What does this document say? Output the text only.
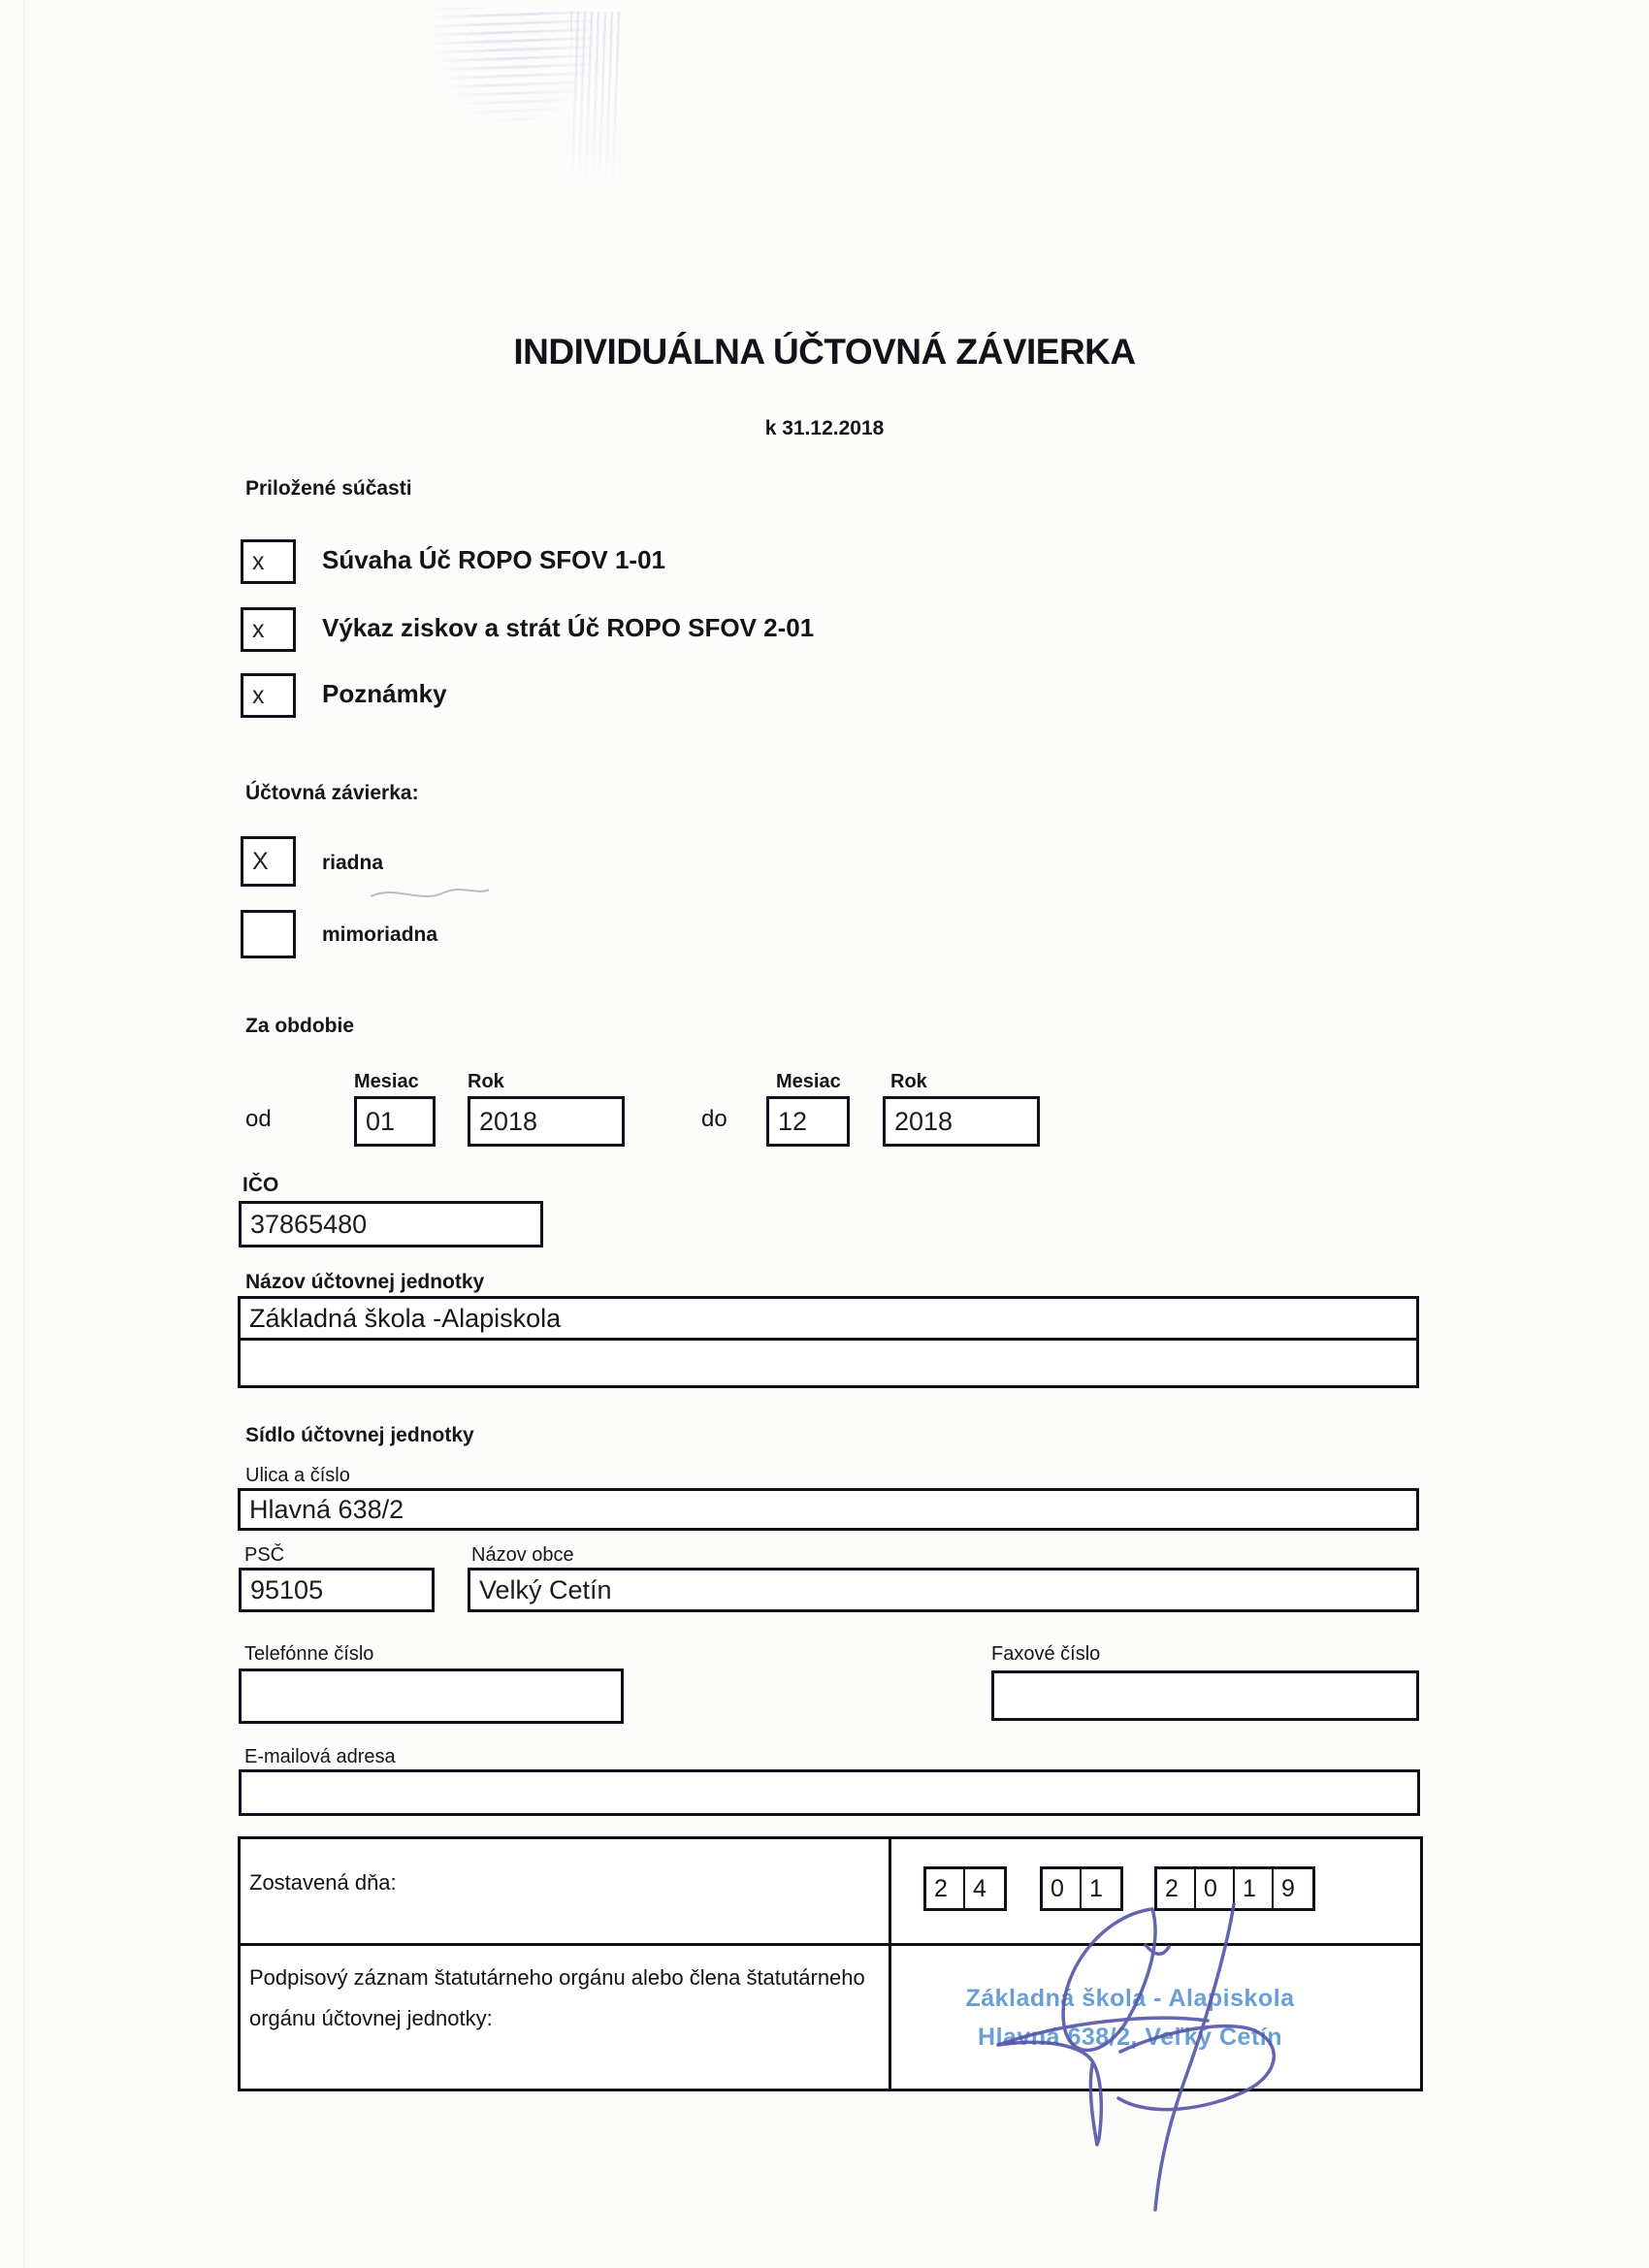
INDIVIDUÁLNA ÚČTOVNÁ ZÁVIERKA
k 31.12.2018
Priložené súčasti
x Súvaha Úč ROPO SFOV 1-01
x Výkaz ziskov a strát Úč ROPO SFOV 2-01
x Poznámky
Účtovná závierka:
X	riadna
mimoriadna
Za obdobie
Mesiac	Rok	Mesiac	Rok
od	01	2018	do	12	2018
IČO
37865480
Názov účtovnej jednotky
Základná škola -Alapiskola
Sídlo účtovnej jednotky
Ulica a číslo
Hlavná 638/2
PSČ	Názov obce
95105	Velký Cetín
Telefónne číslo	Faxové číslo
E-mailová adresa
Zostavená dňa:	2	4	0	1	2	0	1	9
Podpisový záznam štatutárneho orgánu alebo člena štatutárneho
orgánu účtovnej jednotky:
Základná škola - Alapiskola
Hlavná 638/2, Veľký Cetín
